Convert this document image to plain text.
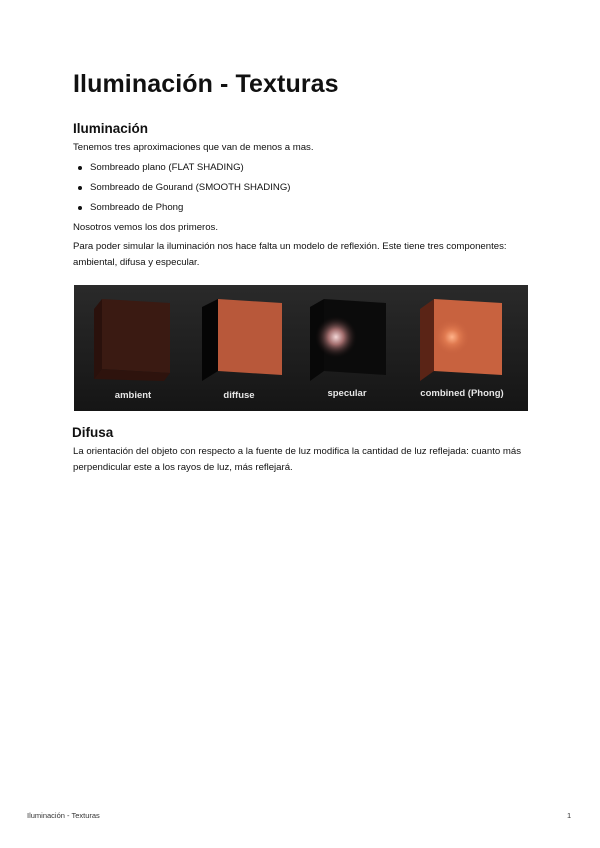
Iluminación - Texturas
Iluminación

Tenemos tres aproximaciones que van de menos a mas.

Sombreado plano (FLAT SHADING)
Sombreado de Gourand (SMOOTH SHADING)
Sombreado de Phong

Nosotros vemos los dos primeros.

Para poder simular la iluminación nos hace falta un modelo de reflexión. Este tiene tres componentes:

ambiental, difusa y especular.

ambient	diffuse	specular	combined (Phong)
Difusa

La orientación del objeto con respecto a la fuente de luz modifica la cantidad de luz reflejada: cuanto más

perpendicular este a los rayos de luz, más reflejará.

Iluminación - Texturas	1
